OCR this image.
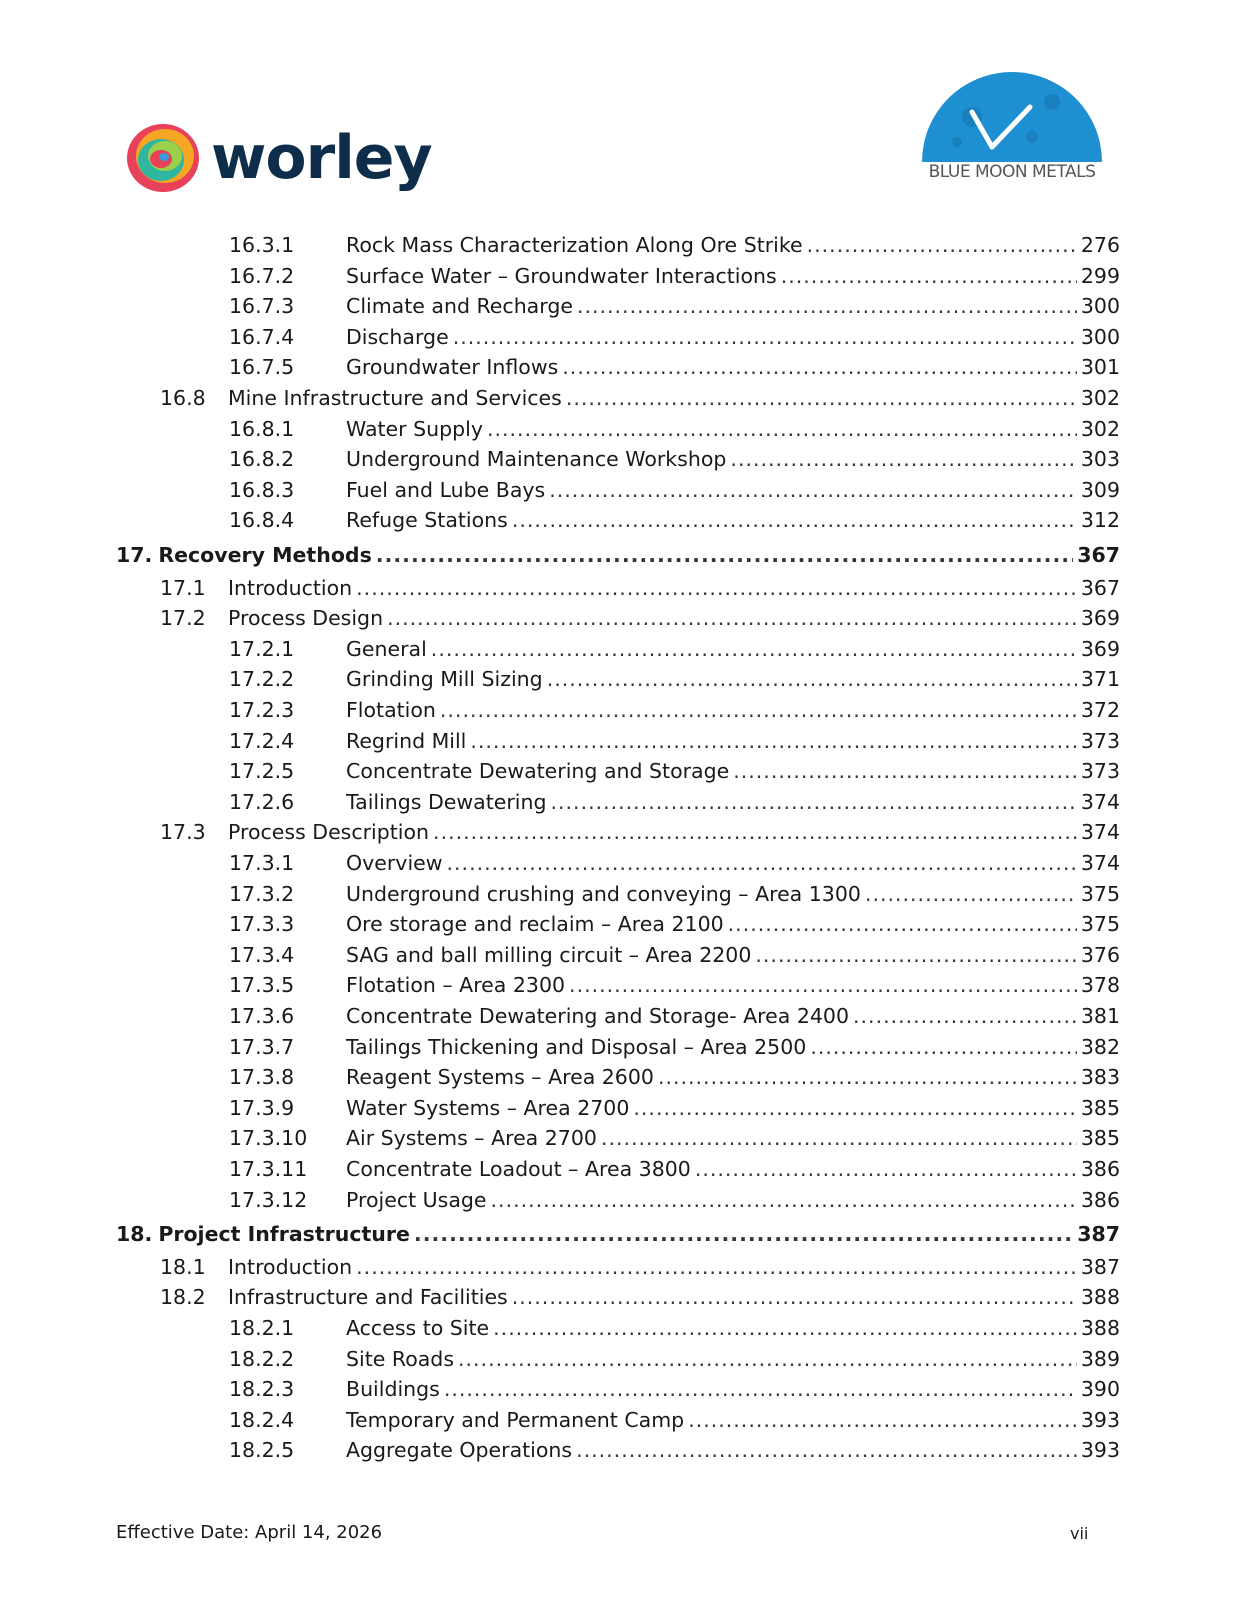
worley	BLUE MOON METALS
16.3.1	Rock Mass Characterization Along Ore Strike .....	276
16.7.2	Surface Water – Groundwater Interactions .....	299
16.7.3	Climate and Recharge .....	300
16.7.4	Discharge .....	300
16.7.5	Groundwater Inflows .....	301
16.8	Mine Infrastructure and Services .....	302
16.8.1	Water Supply .....	302
16.8.2	Underground Maintenance Workshop .....	303
16.8.3	Fuel and Lube Bays .....	309
16.8.4	Refuge Stations .....	312
17. Recovery Methods .....	367
17.1	Introduction .....	367
17.2	Process Design .....	369
17.2.1	General .....	369
17.2.2	Grinding Mill Sizing .....	371
17.2.3	Flotation .....	372
17.2.4	Regrind Mill .....	373
17.2.5	Concentrate Dewatering and Storage .....	373
17.2.6	Tailings Dewatering .....	374
17.3	Process Description .....	374
17.3.1	Overview .....	374
17.3.2	Underground crushing and conveying – Area 1300 .....	375
17.3.3	Ore storage and reclaim – Area 2100 .....	375
17.3.4	SAG and ball milling circuit – Area 2200 .....	376
17.3.5	Flotation – Area 2300 .....	378
17.3.6	Concentrate Dewatering and Storage- Area 2400 .....	381
17.3.7	Tailings Thickening and Disposal – Area 2500 .....	382
17.3.8	Reagent Systems – Area 2600 .....	383
17.3.9	Water Systems – Area 2700 .....	385
17.3.10	Air Systems – Area 2700 .....	385
17.3.11	Concentrate Loadout – Area 3800 .....	386
17.3.12	Project Usage .....	386
18. Project Infrastructure .....	387
18.1	Introduction .....	387
18.2	Infrastructure and Facilities .....	388
18.2.1	Access to Site .....	388
18.2.2	Site Roads .....	389
18.2.3	Buildings .....	390
18.2.4	Temporary and Permanent Camp .....	393
18.2.5	Aggregate Operations .....	393
Effective Date: April 14, 2026	vii
